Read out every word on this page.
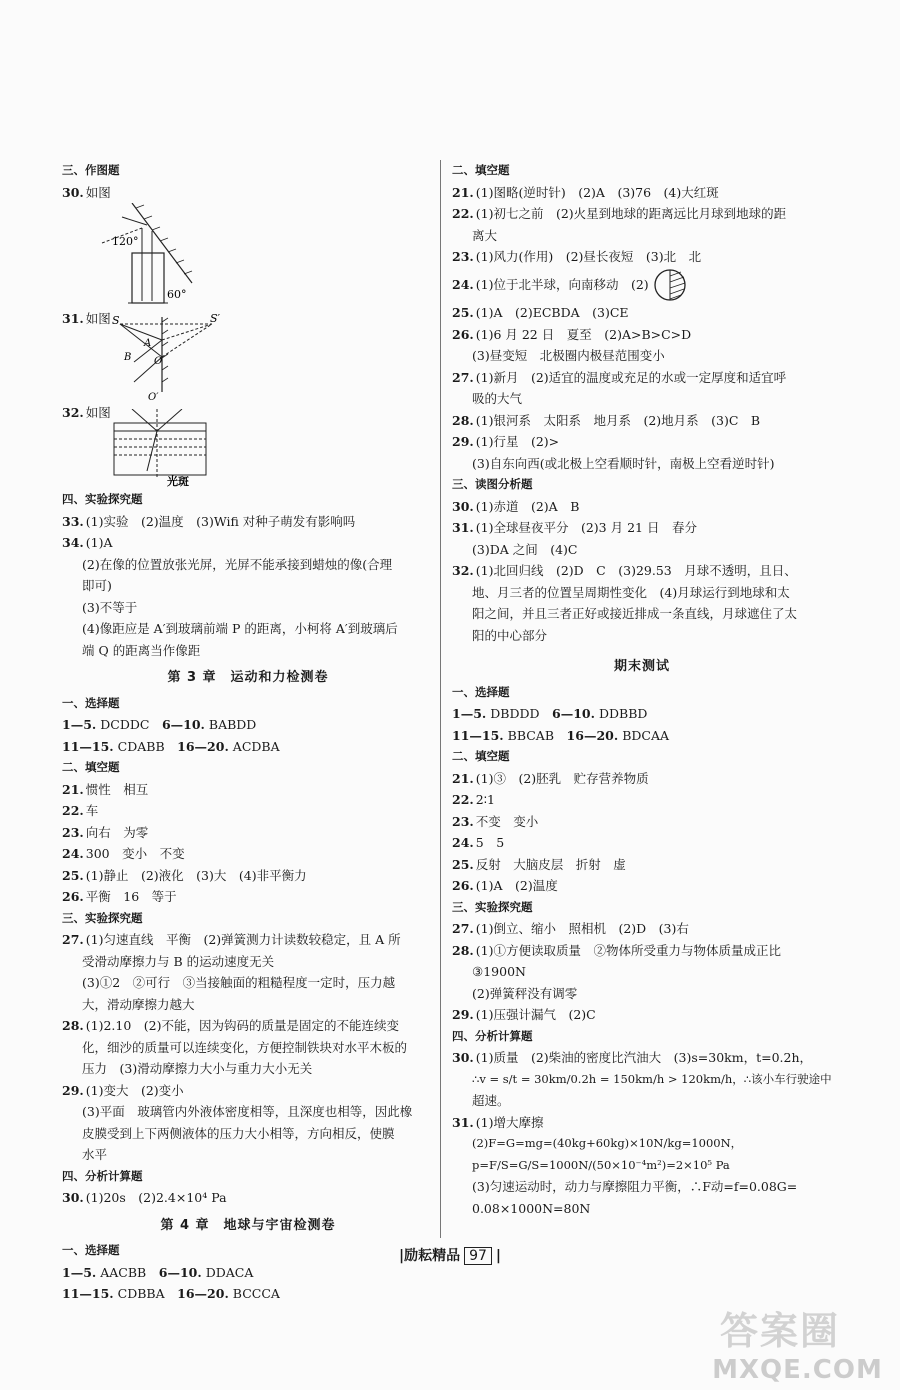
三、作图题
30. 如图
120°
60°
31. 如图 S	S′
A
B O
O′
32. 如图
光斑
四、实验探究题
33. (1)实验　(2)温度　(3)Wifi 对种子萌发有影响吗
34. (1)A
(2)在像的位置放张光屏，光屏不能承接到蜡烛的像(合理
即可)
(3)不等于
(4)像距应是 A′到玻璃前端 P 的距离，小柯将 A′到玻璃后
端 Q 的距离当作像距
第 3 章　运动和力检测卷
一、选择题
1—5. DCDDC　 6—10. BABDD
11—15. CDABB　 16—20. ACDBA
二、填空题
21. 惯性　相互
22. 车
23. 向右　为零
24. 300　变小　不变
25. (1)静止　(2)液化　(3)大　(4)非平衡力
26. 平衡　16　等于
三、实验探究题
27. (1)匀速直线　平衡　(2)弹簧测力计读数较稳定，且 A 所
受滑动摩擦力与 B 的运动速度无关
(3)①2　②可行　③当接触面的粗糙程度一定时，压力越
大，滑动摩擦力越大
28. (1)2.10　(2)不能，因为钩码的质量是固定的不能连续变
化，细沙的质量可以连续变化，方便控制铁块对水平木板的
压力　(3)滑动摩擦力大小与重力大小无关
29. (1)变大　(2)变小
(3)平面　玻璃管内外液体密度相等，且深度也相等，因此橡
皮膜受到上下两侧液体的压力大小相等，方向相反，使膜
水平
四、分析计算题
30. (1)20s　(2)2.4×10⁴ Pa
第 4 章　地球与宇宙检测卷
一、选择题
1—5. AACBB　 6—10. DDACA
11—15. CDBBA　 16—20. BCCCA
二、填空题
21. (1)图略(逆时针)　(2)A　(3)76　(4)大红斑
22. (1)初七之前　(2)火星到地球的距离远比月球到地球的距
离大
23. (1)风力(作用)　(2)昼长夜短　(3)北　北
24. (1)位于北半球，向南移动　(2)
25. (1)A　(2)ECBDA　(3)CE
26. (1)6 月 22 日　夏至　(2)A>B>C>D
(3)昼变短　北极圈内极昼范围变小
27. (1)新月　(2)适宜的温度或充足的水或一定厚度和适宜呼
吸的大气
28. (1)银河系　太阳系　地月系　(2)地月系　(3)C　B
29. (1)行星　(2)>
(3)自东向西(或北极上空看顺时针，南极上空看逆时针)
三、读图分析题
30. (1)赤道　(2)A　B
31. (1)全球昼夜平分　(2)3 月 21 日　春分
(3)DA 之间　(4)C
32. (1)北回归线　(2)D　C　(3)29.53　月球不透明，且日、
地、月三者的位置呈周期性变化　(4)月球运行到地球和太
阳之间，并且三者正好或接近排成一条直线，月球遮住了太
阳的中心部分
期末测试
一、选择题
1—5. DBDDD　 6—10. DDBBD
11—15. BBCAB　 16—20. BDCAA
二、填空题
21. (1)③　(2)胚乳　贮存营养物质
22. 2∶1
23. 不变　变小
24. 5　5
25. 反射　大脑皮层　折射　虚
26. (1)A　(2)温度
三、实验探究题
27. (1)倒立、缩小　照相机　(2)D　(3)右
28. (1)①方便读取质量　②物体所受重力与物体质量成正比
③1900N
(2)弹簧秤没有调零
29. (1)压强计漏气　(2)C
四、分析计算题
30. (1)质量　(2)柴油的密度比汽油大　(3)s=30km，t=0.2h，
∴v = s/t = 30km/0.2h = 150km/h > 120km/h，∴该小车行驶途中
超速。
31. (1)增大摩擦
(2)F=G=mg=(40kg+60kg)×10N/kg=1000N，
p=F/S=G/S=1000N/(50×10⁻⁴m²)=2×10⁵ Pa
(3)匀速运动时，动力与摩擦阻力平衡，∴F动=f=0.08G=
0.08×1000N=80N
|励耘精品 97 |
答案圈
MXQE.COM
